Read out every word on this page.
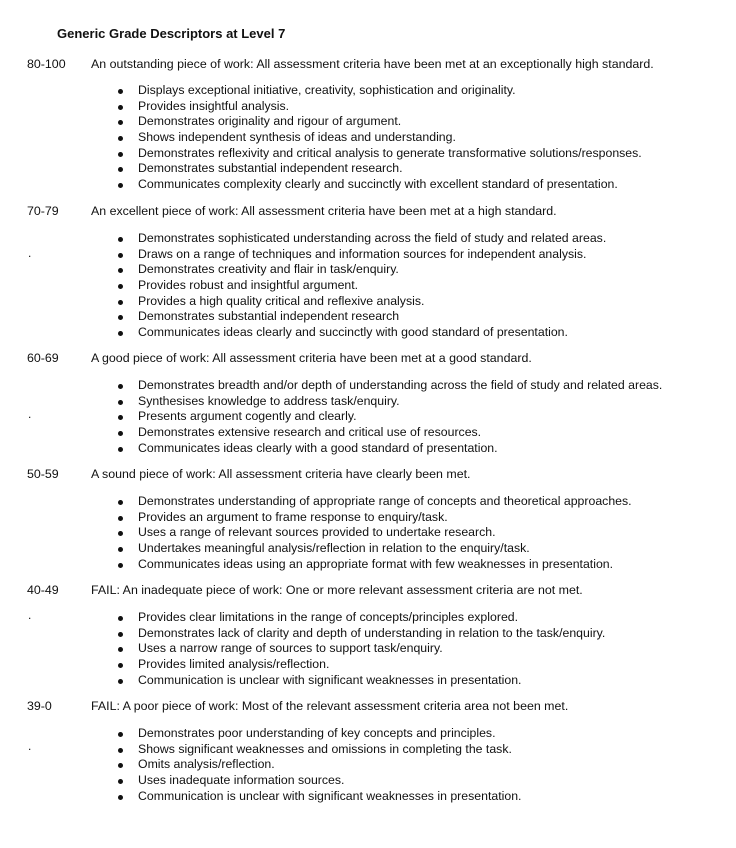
Generic Grade Descriptors at Level 7
80-100 An outstanding piece of work: All assessment criteria have been met at an exceptionally high standard.
Displays exceptional initiative, creativity, sophistication and originality.
Provides insightful analysis.
Demonstrates originality and rigour of argument.
Shows independent synthesis of ideas and understanding.
Demonstrates reflexivity and critical analysis to generate transformative solutions/responses.
Demonstrates substantial independent research.
Communicates complexity clearly and succinctly with excellent standard of presentation.
70-79	An excellent piece of work: All assessment criteria have been met at a high standard.
.
Demonstrates sophisticated understanding across the field of study and related areas.
Draws on a range of techniques and information sources for independent analysis.
Demonstrates creativity and flair in task/enquiry.
Provides robust and insightful argument.
Provides a high quality critical and reflexive analysis.
Demonstrates substantial independent research
Communicates ideas clearly and succinctly with good standard of presentation.
60-69	A good piece of work: All assessment criteria have been met at a good standard.
.
Demonstrates breadth and/or depth of understanding across the field of study and related areas.
Synthesises knowledge to address task/enquiry.
Presents argument cogently and clearly.
Demonstrates extensive research and critical use of resources.
Communicates ideas clearly with a good standard of presentation.
50-59	A sound piece of work: All assessment criteria have clearly been met.
Demonstrates understanding of appropriate range of concepts and theoretical approaches.
Provides an argument to frame response to enquiry/task.
Uses a range of relevant sources provided to undertake research.
Undertakes meaningful analysis/reflection in relation to the enquiry/task.
Communicates ideas using an appropriate format with few weaknesses in presentation.
40-49	FAIL: An inadequate piece of work: One or more relevant assessment criteria are not met.
.	Provides clear limitations in the range of concepts/principles explored.
Demonstrates lack of clarity and depth of understanding in relation to the task/enquiry.
Uses a narrow range of sources to support task/enquiry.
Provides limited analysis/reflection.
Communication is unclear with significant weaknesses in presentation.
39-0	FAIL: A poor piece of work: Most of the relevant assessment criteria area not been met.
.
Demonstrates poor understanding of key concepts and principles.
Shows significant weaknesses and omissions in completing the task.
Omits analysis/reflection.
Uses inadequate information sources.
Communication is unclear with significant weaknesses in presentation.
